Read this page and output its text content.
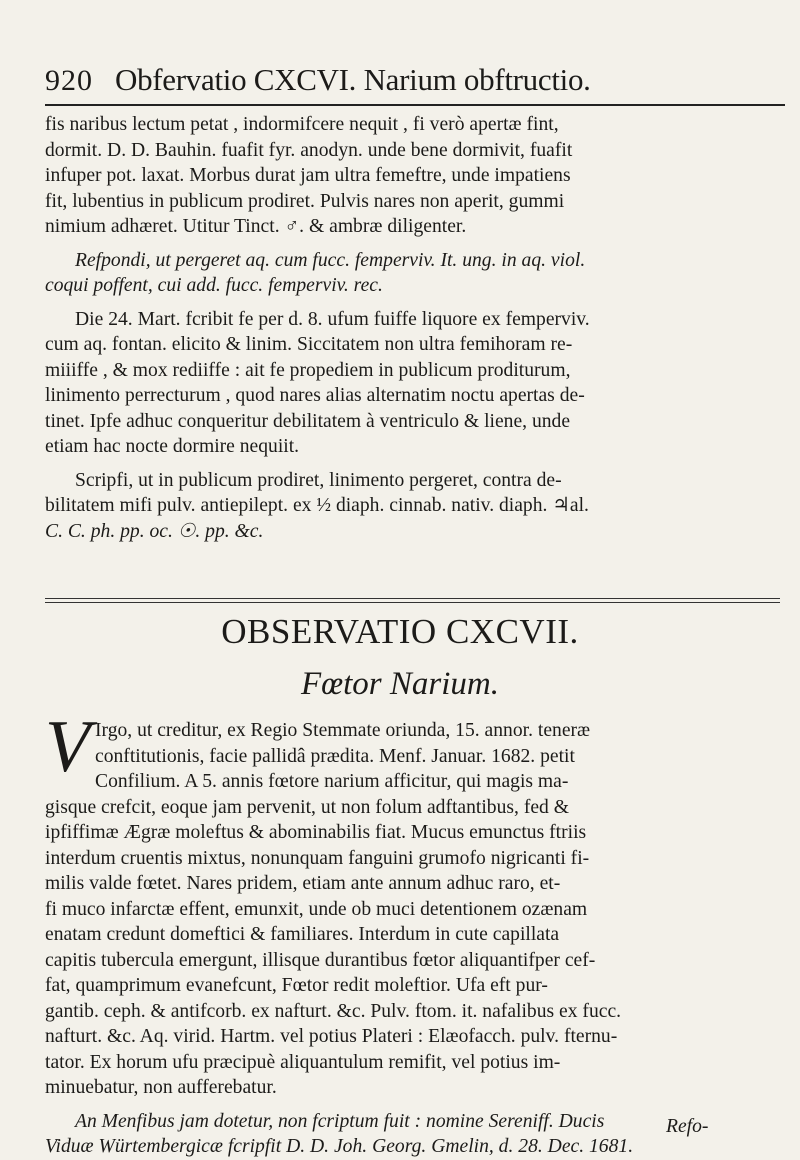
920 Obfervatio CXCVI. Narium obftructio.
fis naribus lectum petat , indormifcere nequit , fi verò apertæ fint,
dormit. D. D. Bauhin. fuafit fyr. anodyn. unde bene dormivit, fuafit
infuper pot. laxat. Morbus durat jam ultra femeftre, unde impatiens
fit, lubentius in publicum prodiret. Pulvis nares non aperit, gummi
nimium adhæret. Utitur Tinct. ♂. & ambræ diligenter.
Refpondi, ut pergeret aq. cum fucc. femperviv. It. ung. in aq. viol.
coqui poffent, cui add. fucc. femperviv. rec.
Die 24. Mart. fcribit fe per d. 8. ufum fuiffe liquore ex femperviv.
cum aq. fontan. elicito & linim. Siccitatem non ultra femihoram re-
miiiffe , & mox rediiffe : ait fe propediem in publicum proditurum,
linimento perrecturum , quod nares alias alternatim noctu apertas de-
tinet. Ipfe adhuc conqueritur debilitatem à ventriculo & liene, unde
etiam hac nocte dormire nequiit.
Scripfi, ut in publicum prodiret, linimento pergeret, contra de-
bilitatem mifi pulv. antiepilept. ex ½ diaph. cinnab. nativ. diaph. ♃al.
C. C. ph. pp. oc. ☉. pp. &c.
OBSERVATIO CXCVII.
Fœtor Narium.
V Irgo, ut creditur, ex Regio Stemmate oriunda, 15. annor. teneræ
conftitutionis, facie pallidâ prædita. Menf. Januar. 1682. petit
Confilium. A 5. annis fœtore narium afficitur, qui magis ma-
gisque crefcit, eoque jam pervenit, ut non folum adftantibus, fed &
ipfiffimæ Ægræ moleftus & abominabilis fiat. Mucus emunctus ftriis
interdum cruentis mixtus, nonunquam fanguini grumofo nigricanti fi-
milis valde fœtet. Nares pridem, etiam ante annum adhuc raro, et-
fi muco infarctæ effent, emunxit, unde ob muci detentionem ozænam
enatam credunt domeftici & familiares. Interdum in cute capillata
capitis tubercula emergunt, illisque durantibus fœtor aliquantifper cef-
fat, quamprimum evanefcunt, Fœtor redit moleftior. Ufa eft pur-
gantib. ceph. & antifcorb. ex nafturt. &c. Pulv. ftom. it. nafalibus ex fucc.
nafturt. &c. Aq. virid. Hartm. vel potius Plateri : Elæofacch. pulv. fternu-
tator. Ex horum ufu præcipuè aliquantulum remifit, vel potius im-
minuebatur, non aufferebatur.
An Menfibus jam dotetur, non fcriptum fuit : nomine Sereniff. Ducis
Viduæ Würtembergicæ fcripfit D. D. Joh. Georg. Gmelin, d. 28. Dec. 1681.
Refo-
